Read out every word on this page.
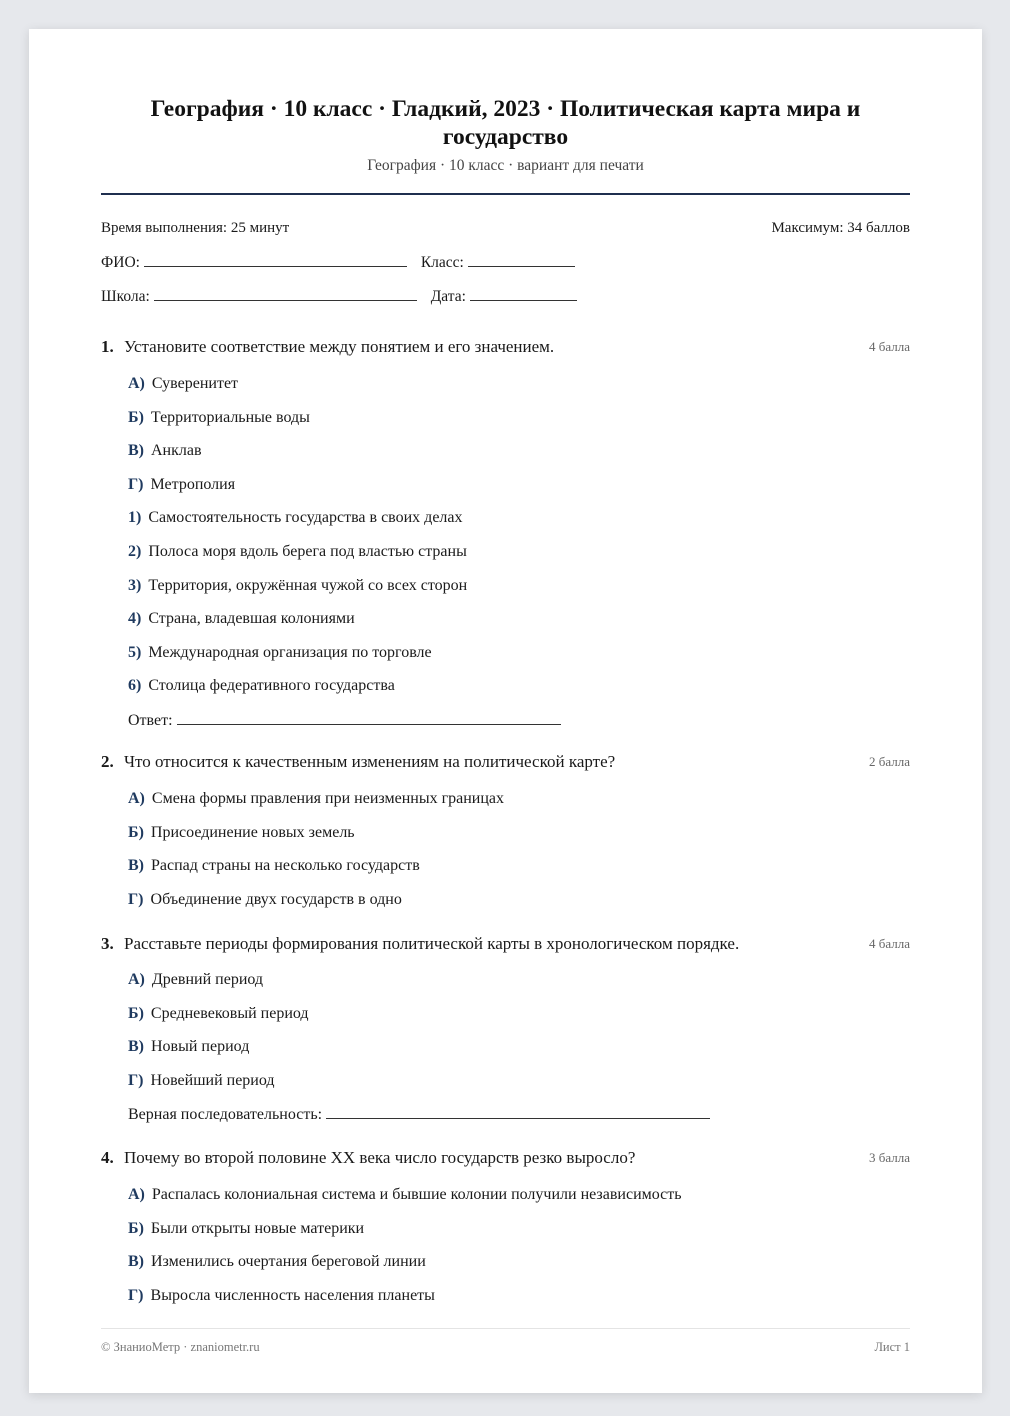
География · 10 класс · Гладкий, 2023 · Политическая карта мира и государство
География · 10 класс · вариант для печати
Время выполнения: 25 минут	Максимум: 34 баллов
ФИО:	Класс:
Школа:	Дата:
1. Установите соответствие между понятием и его значением.	4 балла
А) Суверенитет
Б) Территориальные воды
В) Анклав
Г) Метрополия
1) Самостоятельность государства в своих делах
2) Полоса моря вдоль берега под властью страны
3) Территория, окружённая чужой со всех сторон
4) Страна, владевшая колониями
5) Международная организация по торговле
6) Столица федеративного государства
Ответ:
2. Что относится к качественным изменениям на политической карте?	2 балла
А) Смена формы правления при неизменных границах
Б) Присоединение новых земель
В) Распад страны на несколько государств
Г) Объединение двух государств в одно
3. Расставьте периоды формирования политической карты в хронологическом порядке.	4 балла
А) Древний период
Б) Средневековый период
В) Новый период
Г) Новейший период
Верная последовательность:
4. Почему во второй половине XX века число государств резко выросло?	3 балла
А) Распалась колониальная система и бывшие колонии получили независимость
Б) Были открыты новые материки
В) Изменились очертания береговой линии
Г) Выросла численность населения планеты
© ЗнаниоМетр · znaniometr.ru	Лист 1
